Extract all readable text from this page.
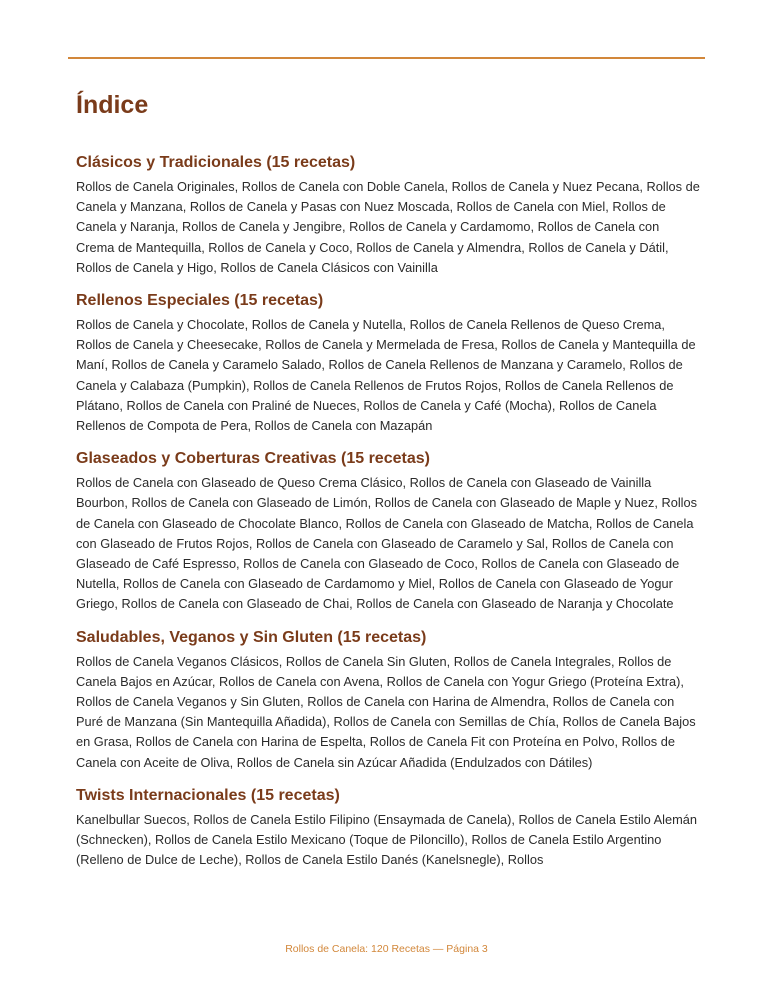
Índice
Clásicos y Tradicionales (15 recetas)

Rollos de Canela Originales, Rollos de Canela con Doble Canela, Rollos de Canela y Nuez Pecana, Rollos de Canela y Manzana, Rollos de Canela y Pasas con Nuez Moscada, Rollos de Canela con Miel, Rollos de Canela y Naranja, Rollos de Canela y Jengibre, Rollos de Canela y Cardamomo, Rollos de Canela con Crema de Mantequilla, Rollos de Canela y Coco, Rollos de Canela y Almendra, Rollos de Canela y Dátil, Rollos de Canela y Higo, Rollos de Canela Clásicos con Vainilla

Rellenos Especiales (15 recetas)

Rollos de Canela y Chocolate, Rollos de Canela y Nutella, Rollos de Canela Rellenos de Queso Crema, Rollos de Canela y Cheesecake, Rollos de Canela y Mermelada de Fresa, Rollos de Canela y Mantequilla de Maní, Rollos de Canela y Caramelo Salado, Rollos de Canela Rellenos de Manzana y Caramelo, Rollos de Canela y Calabaza (Pumpkin), Rollos de Canela Rellenos de Frutos Rojos, Rollos de Canela Rellenos de Plátano, Rollos de Canela con Praliné de Nueces, Rollos de Canela y Café (Mocha), Rollos de Canela Rellenos de Compota de Pera, Rollos de Canela con Mazapán

Glaseados y Coberturas Creativas (15 recetas)

Rollos de Canela con Glaseado de Queso Crema Clásico, Rollos de Canela con Glaseado de Vainilla Bourbon, Rollos de Canela con Glaseado de Limón, Rollos de Canela con Glaseado de Maple y Nuez, Rollos de Canela con Glaseado de Chocolate Blanco, Rollos de Canela con Glaseado de Matcha, Rollos de Canela con Glaseado de Frutos Rojos, Rollos de Canela con Glaseado de Caramelo y Sal, Rollos de Canela con Glaseado de Café Espresso, Rollos de Canela con Glaseado de Coco, Rollos de Canela con Glaseado de Nutella, Rollos de Canela con Glaseado de Cardamomo y Miel, Rollos de Canela con Glaseado de Yogur Griego, Rollos de Canela con Glaseado de Chai, Rollos de Canela con Glaseado de Naranja y Chocolate

Saludables, Veganos y Sin Gluten (15 recetas)

Rollos de Canela Veganos Clásicos, Rollos de Canela Sin Gluten, Rollos de Canela Integrales, Rollos de Canela Bajos en Azúcar, Rollos de Canela con Avena, Rollos de Canela con Yogur Griego (Proteína Extra), Rollos de Canela Veganos y Sin Gluten, Rollos de Canela con Harina de Almendra, Rollos de Canela con Puré de Manzana (Sin Mantequilla Añadida), Rollos de Canela con Semillas de Chía, Rollos de Canela Bajos en Grasa, Rollos de Canela con Harina de Espelta, Rollos de Canela Fit con Proteína en Polvo, Rollos de Canela con Aceite de Oliva, Rollos de Canela sin Azúcar Añadida (Endulzados con Dátiles)

Twists Internacionales (15 recetas)

Kanelbullar Suecos, Rollos de Canela Estilo Filipino (Ensaymada de Canela), Rollos de Canela Estilo Alemán (Schnecken), Rollos de Canela Estilo Mexicano (Toque de Piloncillo), Rollos de Canela Estilo Argentino (Relleno de Dulce de Leche), Rollos de Canela Estilo Danés (Kanelsnegle), Rollos

Rollos de Canela: 120 Recetas — Página 3
